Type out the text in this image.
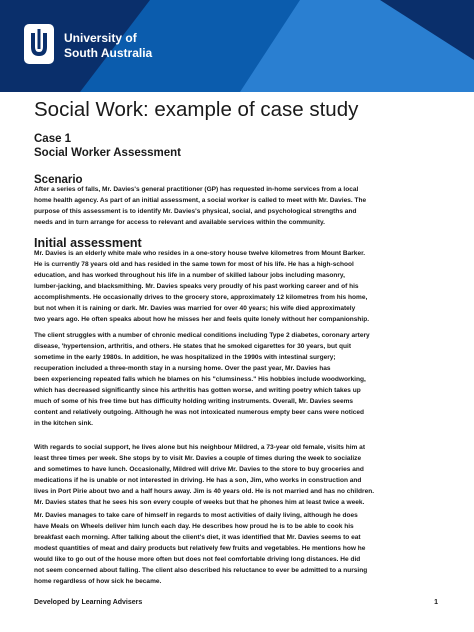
University of
South Australia
Social Work: example of case study
Case 1
Social Worker Assessment
Scenario
After a series of falls, Mr. Davies's general practitioner (GP) has requested in-home services from a local
home health agency. As part of an initial assessment, a social worker is called to meet with Mr. Davies. The
purpose of this assessment is to identify Mr. Davies's physical, social, and psychological strengths and
needs and in turn arrange for access to relevant and available services within the community.
Initial assessment
Mr. Davies is an elderly white male who resides in a one-story house twelve kilometres from Mount Barker.
He is currently 78 years old and has resided in the same town for most of his life. He has a high-school
education, and has worked throughout his life in a number of skilled labour jobs including masonry,
lumber-jacking, and blacksmithing. Mr. Davies speaks very proudly of his past working career and of his
accomplishments. He occasionally drives to the grocery store, approximately 12 kilometres from his home,
but not when it is raining or dark. Mr. Davies was married for over 40 years; his wife died approximately
two years ago. He often speaks about how he misses her and feels quite lonely without her companionship.
The client struggles with a number of chronic medical conditions including Type 2 diabetes, coronary artery
disease, 'hypertension, arthritis, and others. He states that he smoked cigarettes for 30 years, but quit
sometime in the early 1980s. In addition, he was hospitalized in the 1990s with intestinal surgery;
recuperation included a three-month stay in a nursing home. Over the past year, Mr. Davies has
been experiencing repeated falls which he blames on his "clumsiness." His hobbies include woodworking,
which has decreased significantly since his arthritis has gotten worse, and writing poetry which takes up
much of some of his free time but has difficulty holding writing instruments. Overall, Mr. Davies seems
content and relatively outgoing. Although he was not intoxicated numerous empty beer cans were noticed
in the kitchen sink.
With regards to social support, he lives alone but his neighbour Mildred, a 73-year old female, visits him at
least three times per week. She stops by to visit Mr. Davies a couple of times during the week to socialize
and sometimes to have lunch. Occasionally, Mildred will drive Mr. Davies to the store to buy groceries and
medications if he is unable or not interested in driving. He has a son, Jim, who works in construction and
lives in Port Pirie about two and a half hours away. Jim is 40 years old. He is not married and has no children.
Mr. Davies states that he sees his son every couple of weeks but that he phones him at least twice a week.
Mr. Davies manages to take care of himself in regards to most activities of daily living, although he does
have Meals on Wheels deliver him lunch each day. He describes how proud he is to be able to cook his
breakfast each morning. After talking about the client's diet, it was identified that Mr. Davies seems to eat
modest quantities of meat and dairy products but relatively few fruits and vegetables. He mentions how he
would like to go out of the house more often but does not feel comfortable driving long distances. He did
not seem concerned about falling. The client also described his reluctance to ever be admitted to a nursing
home regardless of how sick he became.
Developed by Learning Advisers	1
